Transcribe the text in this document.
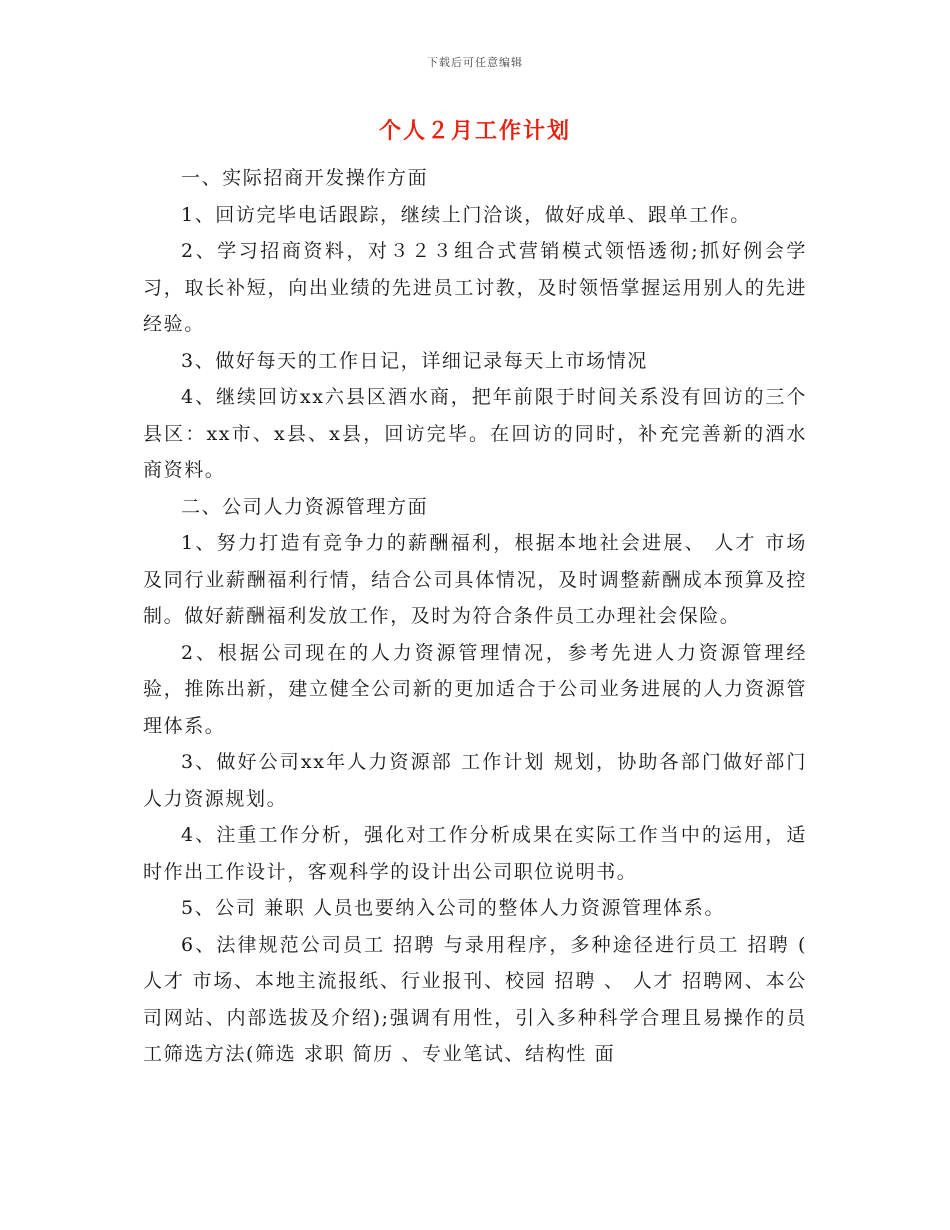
下载后可任意编辑
个人２月工作计划

一、实际招商开发操作方面

1、回访完毕电话跟踪，继续上门洽谈，做好成单、跟单工作。

2、学习招商资料，对３２３组合式营销模式领悟透彻;抓好例会学习，取长补短，向出业绩的先进员工讨教，及时领悟掌握运用别人的先进经验。

3、做好每天的工作日记，详细记录每天上市场情况

4、继续回访xx六县区酒水商，把年前限于时间关系没有回访的三个县区：xx市、x县、x县，回访完毕。在回访的同时，补充完善新的酒水商资料。

二、公司人力资源管理方面

1、努力打造有竞争力的薪酬福利，根据本地社会进展、 人才 市场及同行业薪酬福利行情，结合公司具体情况，及时调整薪酬成本预算及控制。做好薪酬福利发放工作，及时为符合条件员工办理社会保险。

2、根据公司现在的人力资源管理情况，参考先进人力资源管理经验，推陈出新，建立健全公司新的更加适合于公司业务进展的人力资源管理体系。

3、做好公司xx年人力资源部 工作计划 规划，协助各部门做好部门人力资源规划。

4、注重工作分析，强化对工作分析成果在实际工作当中的运用，适时作出工作设计，客观科学的设计出公司职位说明书。

5、公司 兼职 人员也要纳入公司的整体人力资源管理体系。

6、法律规范公司员工 招聘 与录用程序，多种途径进行员工 招聘 ( 人才 市场、本地主流报纸、行业报刊、校园 招聘 、 人才 招聘网、本公司网站、内部选拔及介绍);强调有用性，引入多种科学合理且易操作的员工筛选方法(筛选 求职 简历 、专业笔试、结构性 面
